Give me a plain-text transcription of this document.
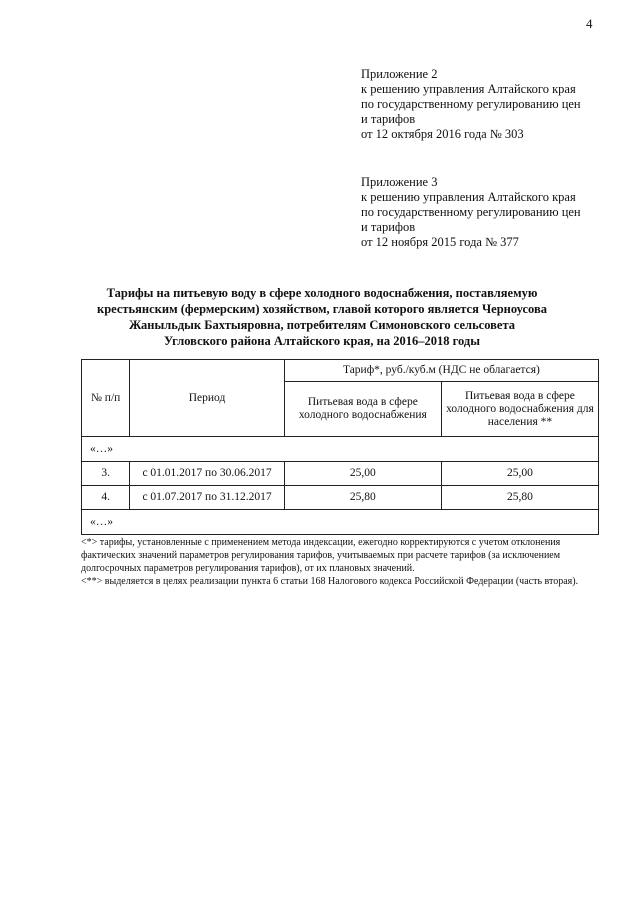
4
Приложение 2
к решению управления Алтайского края
по государственному регулированию цен
и тарифов
от 12 октября 2016 года № 303
Приложение 3
к решению управления Алтайского края
по государственному регулированию цен
и тарифов
от 12 ноября 2015 года № 377
Тарифы на питьевую воду в сфере холодного водоснабжения, поставляемую
крестьянским (фермерским) хозяйством, главой которого является Черноусова
Жаныльдык Бахтыяровна, потребителям Симоновского сельсовета
Угловского района Алтайского края, на 2016–2018 годы
№ п/п	Период	Тариф*, руб./куб.м (НДС не облагается)	
		Питьевая вода в сфере холодного водоснабжения	Питьевая вода в сфере холодного водоснабжения для населения **
«…»			
3.	с 01.01.2017 по 30.06.2017	25,00	25,00
4.	с 01.07.2017 по 31.12.2017	25,80	25,80
«…»			

<*> тарифы, установленные с применением метода индексации, ежегодно корректируются с учетом отклонения фактических значений параметров регулирования тарифов, учитываемых при расчете тарифов (за исключением долгосрочных параметров регулирования тарифов), от их плановых значений.

<**> выделяется в целях реализации пункта 6 статьи 168 Налогового кодекса Российской Федерации (часть вторая).
